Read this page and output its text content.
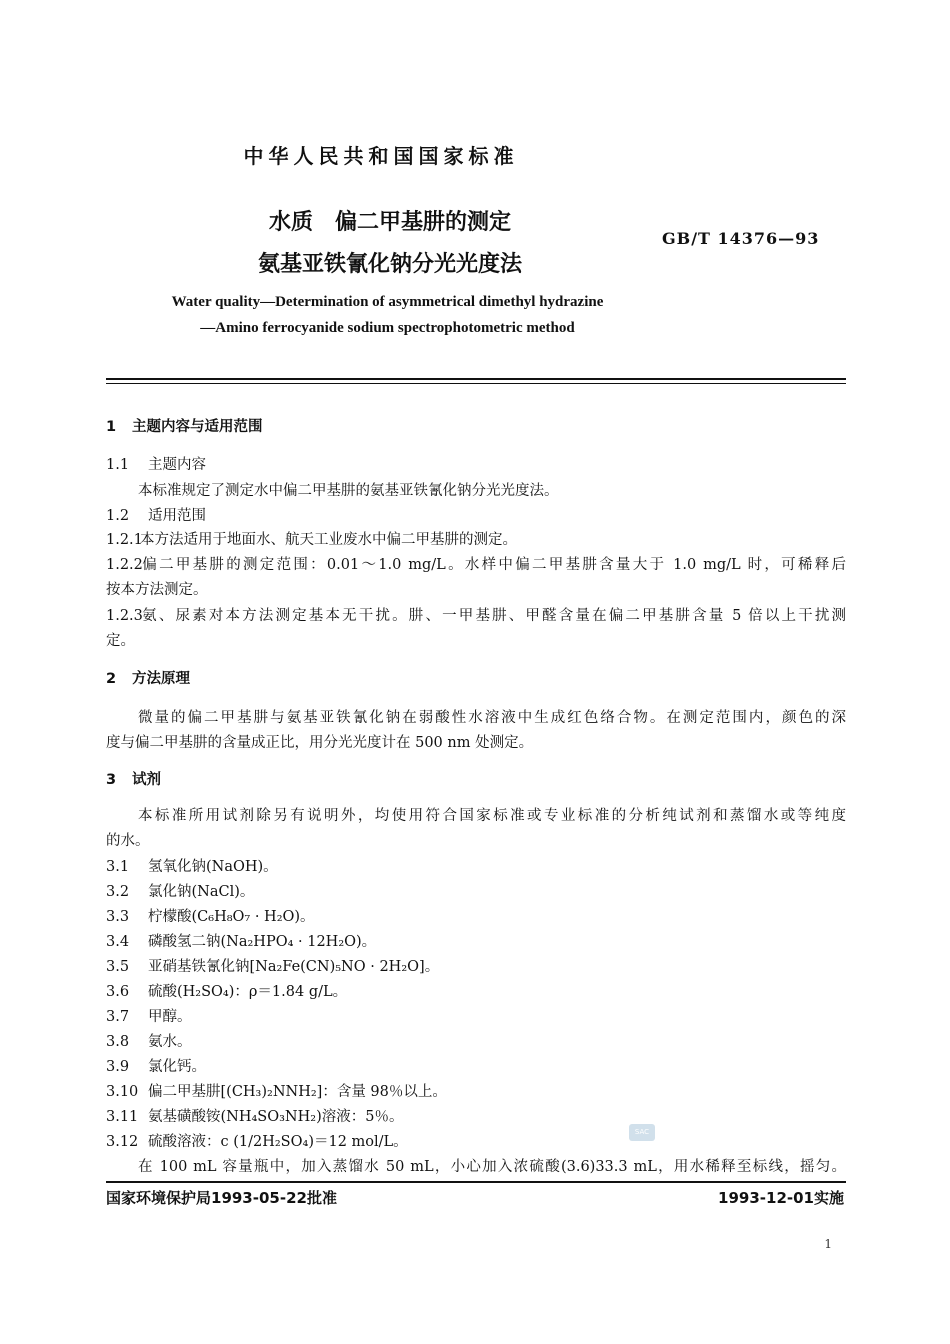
中华人民共和国国家标准
水质　偏二甲基肼的测定
氨基亚铁氰化钠分光光度法
GB/T 14376—93
Water quality—Determination of asymmetrical dimethyl hydrazine
—Amino ferrocyanide sodium spectrophotometric method
1 主题内容与适用范围
1.1 主题内容
本标准规定了测定水中偏二甲基肼的氨基亚铁氰化钠分光光度法。
1.2 适用范围
1.2.1本方法适用于地面水、航天工业废水中偏二甲基肼的测定。
1.2.2偏二甲基肼的测定范围：0.01～1.0 mg/L。水样中偏二甲基肼含量大于 1.0 mg/L 时，可稀释后
按本方法测定。
1.2.3氨、尿素对本方法测定基本无干扰。肼、一甲基肼、甲醛含量在偏二甲基肼含量 5 倍以上干扰测
定。
2 方法原理
微量的偏二甲基肼与氨基亚铁氰化钠在弱酸性水溶液中生成红色络合物。在测定范围内，颜色的深
度与偏二甲基肼的含量成正比，用分光光度计在 500 nm 处测定。
3 试剂
本标准所用试剂除另有说明外，均使用符合国家标准或专业标准的分析纯试剂和蒸馏水或等纯度
的水。
3.1 氢氧化钠(NaOH)。
3.2 氯化钠(NaCl)。
3.3 柠檬酸(C₆H₈O₇ · H₂O)。
3.4 磷酸氢二钠(Na₂HPO₄ · 12H₂O)。
3.5 亚硝基铁氰化钠[Na₂Fe(CN)₅NO · 2H₂O]。
3.6 硫酸(H₂SO₄)：ρ＝1.84 g/L。
3.7 甲醇。
3.8 氨水。
3.9 氯化钙。
3.10 偏二甲基肼[(CH₃)₂NNH₂]：含量 98％以上。
3.11 氨基磺酸铵(NH₄SO₃NH₂)溶液：5％。
3.12 硫酸溶液：c (1/2H₂SO₄)＝12 mol/L。
在 100 mL 容量瓶中，加入蒸馏水 50 mL，小心加入浓硫酸(3.6)33.3 mL，用水稀释至标线，摇匀。
SAC
国家环境保护局1993-05-22批准	1993-12-01实施
1
